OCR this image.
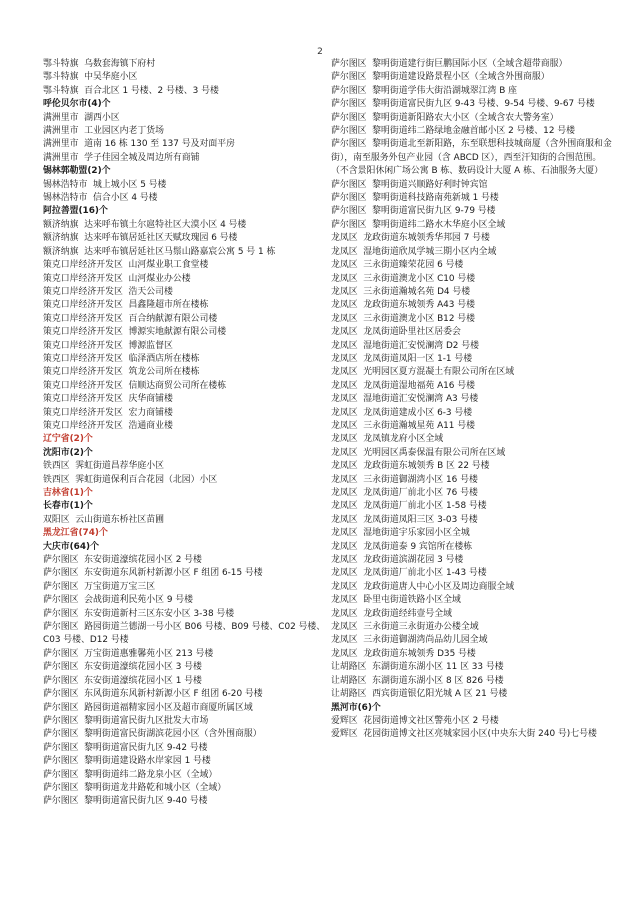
2
鄂斗特旗  乌数套海镇下府村
鄂斗特旗  中吴华庭小区
鄂斗特旗  百合北区 1 号楼、2 号楼、3 号楼
呼伦贝尔市(4)个
满洲里市  湖西小区
满洲里市  工业园区内老丁货场
满洲里市  道南 16 栋 130 至 137 号及对面平房
满洲里市  学子佳园全城及周边所有商铺
锡林郭勒盟(2)个
锡林浩特市  城上城小区 5 号楼
锡林浩特市  信合小区 4 号楼
阿拉善盟(16)个
额济纳旗  达来呼布镇土尔扈特社区大漠小区 4 号楼
额济纳旗  达来呼布镇居延社区天赋玫瑰园 6 号楼
额济纳旗  达来呼布镇居延社区马鬃山路嘉宸公寓 5 号 1 栋
策克口岸经济开发区  山河煤业职工食堂楼
策克口岸经济开发区  山河煤业办公楼
策克口岸经济开发区  浩天公司楼
策克口岸经济开发区  昌鑫隆超市所在楼栋
策克口岸经济开发区  百合纳献源有限公司楼
策克口岸经济开发区  博源实地献源有限公司楼
策克口岸经济开发区  博源监督区
策克口岸经济开发区  临泽酒店所在楼栋
策克口岸经济开发区  筑龙公司所在楼栋
策克口岸经济开发区  信顺达商贸公司所在楼栋
策克口岸经济开发区  庆华商铺楼
策克口岸经济开发区  宏力商铺楼
策克口岸经济开发区  浩通商业楼
辽宁省(2)个
沈阳市(2)个
铁西区  霁虹街道昌荐华庭小区
铁西区  霁虹街道保利百合花园（北园）小区
吉林省(1)个
长春市(1)个
双阳区  云山街道东桥社区苗圃
黑龙江省(74)个
大庆市(64)个
萨尔图区  东安街道濠缤花园小区 2 号楼
萨尔图区  东安街道东风新村新源小区 F 组团 6-15 号楼
萨尔图区  万宝街道万宝三区
萨尔图区  会战街道利民苑小区 9 号楼
萨尔图区  东安街道新村三区东安小区 3-38 号楼
萨尔图区  路园街道兰德湖一号小区 B06 号楼、B09 号楼、C02 号楼、C03 号楼、D12 号楼
萨尔图区  万宝街道惠雅馨苑小区 213 号楼
萨尔图区  东安街道濠缤花园小区 3 号楼
萨尔图区  东安街道濠缤花园小区 1 号楼
萨尔图区  东风街道东风新村新源小区 F 组团 6-20 号楼
萨尔图区  路园街道福精家园小区及超市商厦所属区域
萨尔图区  黎明街道富民街九区批发大市场
萨尔图区  黎明街道富民街湖滨花园小区（含外围商服）
萨尔图区  黎明街道富民街九区 9-42 号楼
萨尔图区  黎明街道建设路水岸家园 1 号楼
萨尔图区  黎明街道纬二路龙泉小区（全域）
萨尔图区  黎明街道龙井路乾和城小区（全域）
萨尔图区  黎明街道富民街九区 9-40 号楼
萨尔图区  黎明街道建行街巨鹏国际小区（全域含超带商服）
萨尔图区  黎明街道建设路景程小区（全域含外围商服）
萨尔图区  黎明街道学伟大街沿湖城翠江湾 B 座
萨尔图区  黎明街道富民街九区 9-43 号楼、9-54 号楼、9-67 号楼
萨尔图区  黎明街道新阳路农大小区（全域含农大警务室）
萨尔图区  黎明街道纬二路绿地金融首邮小区 2 号楼、12 号楼
萨尔图区  黎明街道北至新阳路，东至联想科技城商厦（含外围商服和金街），南至服务外包产业园（含 ABCD 区），西至汗知街的合围范围。（不含景阳休闲广场公寓 B 栋、数码设计大厦 A 栋、石油服务大厦）
萨尔图区  黎明街道兴顺路好利时钟宾馆
萨尔图区  黎明街道科技路南苑新城 1 号楼
萨尔图区  黎明街道富民街九区 9-79 号楼
萨尔图区  黎明街道纬二路水木华庭小区全域
龙凤区  龙政街道东城领秀华邦园 7 号楼
龙凤区  湿地街道欣凤学城三期小区内全域
龙凤区  三永街道臻荣花园 6 号楼
龙凤区  三永街道澳龙小区 C10 号楼
龙凤区  三永街道瀚城名苑 D4 号楼
龙凤区  龙政街道东城领秀 A43 号楼
龙凤区  三永街道澳龙小区 B12 号楼
龙凤区  龙凤街道卧里社区居委会
龙凤区  湿地街道汇安悦澜湾 D2 号楼
龙凤区  龙凤街道凤阳一区 1-1 号楼
龙凤区  光明园区夏方混凝土有限公司所在区域
龙凤区  龙凤街道湿地福苑 A16 号楼
龙凤区  湿地街道汇安悦澜湾 A3 号楼
龙凤区  龙凤街道建成小区 6-3 号楼
龙凤区  三永街道瀚城星苑 A11 号楼
龙凤区  龙凤镇龙府小区全域
龙凤区  光明园区禹泰保温有限公司所在区域
龙凤区  龙政街道东城领秀 B 区 22 号楼
龙凤区  三永街道御湖湾小区 16 号楼
龙凤区  龙凤街道厂前北小区 76 号楼
龙凤区  龙凤街道厂前北小区 1-58 号楼
龙凤区  龙凤街道凤阳三区 3-03 号楼
龙凤区  湿地街道宇乐家园小区全城
龙凤区  龙凤街道泰 9 宾馆所在楼栋
龙凤区  龙政街道滨湖花园 3 号楼
龙凤区  龙凤街道厂前北小区 1-43 号楼
龙凤区  龙政街道唐人中心小区及周边商服全域
龙凤区  卧里屯街道铁路小区全域
龙凤区  龙政街道经纬壹号全域
龙凤区  三永街道三永街道办公楼全域
龙凤区  三永街道御湖湾尚品幼儿园全域
龙凤区  龙政街道东城领秀 D35 号楼
让胡路区  东湖街道东湖小区 11 区 33 号楼
让胡路区  东湖街道东湖小区 8 区 826 号楼
让胡路区  西宾街道银亿阳光城 A 区 21 号楼
黑河市(6)个
爱辉区  花园街道博文社区警苑小区 2 号楼
爱辉区  花园街道博文社区亮城家园小区(中央东大街 240 号)七号楼
